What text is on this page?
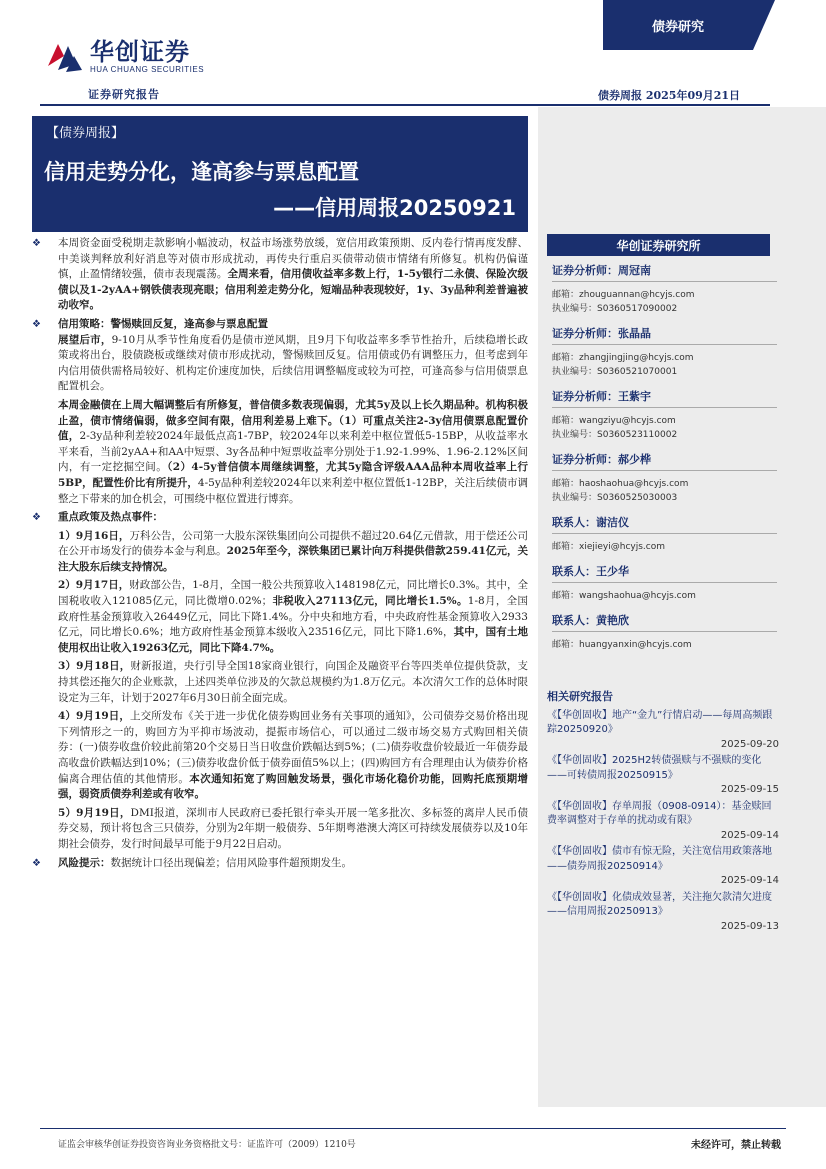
华创证券
HUA CHUANG SECURITIES
证券研究报告
债券研究
债券周报 2025年09月21日
【债券周报】
信用走势分化，逢高参与票息配置
——信用周报20250921
❖ 本周资金面受税期走款影响小幅波动，权益市场涨势放缓，宽信用政策预期、反内卷行情再度发酵、中美谈判释放利好消息等对债市形成扰动，再传央行重启买债带动债市情绪有所修复。机构仍偏谨慎，止盈情绪较强，债市表现震荡。全周来看，信用债收益率多数上行，1-5y银行二永债、保险次级债以及1-2yAA+钢铁债表现亮眼；信用利差走势分化，短端品种表现较好，1y、3y品种利差普遍被动收窄。
❖ 信用策略：警惕赎回反复，逢高参与票息配置
展望后市，9-10月从季节性角度看仍是债市逆风期，且9月下旬收益率多季节性抬升，后续稳增长政策或将出台，股债跷板或继续对债市形成扰动，警惕赎回反复。信用债或仍有调整压力，但考虑到年内信用债供需格局较好、机构定价速度加快，后续信用调整幅度或较为可控，可逢高参与信用债票息配置机会。
本周金融债在上周大幅调整后有所修复，普信债多数表现偏弱，尤其5y及以上长久期品种。机构积极止盈，债市情绪偏弱，做多空间有限，信用利差易上难下。（1）可重点关注2-3y信用债票息配置价值，2-3y品种利差较2024年最低点高1-7BP，较2024年以来利差中枢位置低5-15BP，从收益率水平来看，当前2yAA+和AA中短票、3y各品种中短票收益率分别处于1.92-1.99%、1.96-2.12%区间内，有一定挖掘空间。（2）4-5y普信债本周继续调整，尤其5y隐含评级AAA品种本周收益率上行5BP，配置性价比有所提升，4-5y品种利差较2024年以来利差中枢位置低1-12BP，关注后续债市调整之下带来的加仓机会，可围绕中枢位置进行博弈。
❖ 重点政策及热点事件：
1）9月16日，万科公告，公司第一大股东深铁集团向公司提供不超过20.64亿元借款，用于偿还公司在公开市场发行的债券本金与利息。2025年至今，深铁集团已累计向万科提供借款259.41亿元，关注大股东后续支持情况。
2）9月17日，财政部公告，1-8月，全国一般公共预算收入148198亿元，同比增长0.3%。其中，全国税收收入121085亿元，同比微增0.02%；非税收入27113亿元，同比增长1.5%。1-8月，全国政府性基金预算收入26449亿元，同比下降1.4%。分中央和地方看，中央政府性基金预算收入2933亿元，同比增长0.6%；地方政府性基金预算本级收入23516亿元，同比下降1.6%，其中，国有土地使用权出让收入19263亿元，同比下降4.7%。
3）9月18日，财新报道，央行引导全国18家商业银行，向国企及融资平台等四类单位提供贷款，支持其偿还拖欠的企业账款，上述四类单位涉及的欠款总规模约为1.8万亿元。本次清欠工作的总体时限设定为三年，计划于2027年6月30日前全面完成。
4）9月19日，上交所发布《关于进一步优化债券购回业务有关事项的通知》，公司债券交易价格出现下列情形之一的，购回方为平抑市场波动，提振市场信心，可以通过二级市场交易方式购回相关债券：(一)债券收盘价较此前第20个交易日当日收盘价跌幅达到5%；(二)债券收盘价较最近一年债券最高收盘价跌幅达到10%；(三)债券收盘价低于债券面值5%以上；(四)购回方有合理理由认为债券价格偏离合理估值的其他情形。本次通知拓宽了购回触发场景，强化市场化稳价功能，回购托底预期增强，弱资质债券利差或有收窄。
5）9月19日，DMI报道，深圳市人民政府已委托银行牵头开展一笔多批次、多标签的离岸人民币债券交易，预计将包含三只债券，分别为2年期一般债券、5年期粤港澳大湾区可持续发展债券以及10年期社会债券，发行时间最早可能于9月22日启动。
❖ 风险提示：数据统计口径出现偏差；信用风险事件超预期发生。
华创证券研究所
证券分析师：周冠南
邮箱：zhouguannan@hcyjs.com
执业编号：S0360517090002
证券分析师：张晶晶
邮箱：zhangjingjing@hcyjs.com
执业编号：S0360521070001
证券分析师：王紫宇
邮箱：wangziyu@hcyjs.com
执业编号：S0360523110002
证券分析师：郝少桦
邮箱：haoshaohua@hcyjs.com
执业编号：S0360525030003
联系人：谢洁仪
邮箱：xiejieyi@hcyjs.com
联系人：王少华
邮箱：wangshaohua@hcyjs.com
联系人：黄艳欣
邮箱：huangyanxin@hcyjs.com
相关研究报告
《【华创固收】地产“金九”行情启动——每周高频跟踪20250920》
2025-09-20
《【华创固收】2025H2转债强赎与不强赎的变化——可转债周报20250915》
2025-09-15
《【华创固收】存单周报（0908-0914）：基金赎回费率调整对于存单的扰动或有限》
2025-09-14
《【华创固收】债市有惊无险，关注宽信用政策落地——债券周报20250914》
2025-09-14
《【华创固收】化债成效显著，关注拖欠款清欠进度——信用周报20250913》
2025-09-13
证监会审核华创证券投资咨询业务资格批文号：证监许可（2009）1210号	未经许可，禁止转载
